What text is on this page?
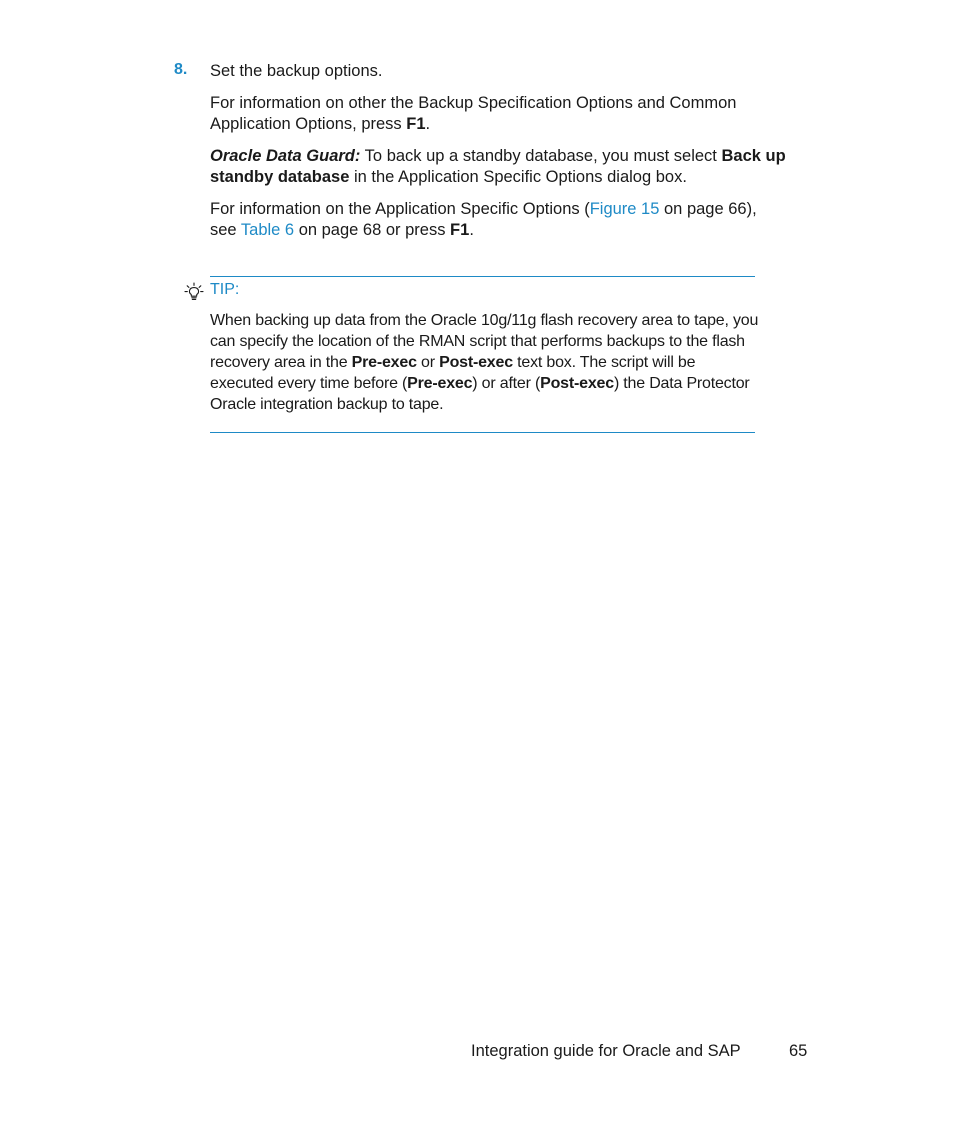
8. Set the backup options.
For information on other the Backup Specification Options and Common Application Options, press F1.
Oracle Data Guard: To back up a standby database, you must select Back up standby database in the Application Specific Options dialog box.
For information on the Application Specific Options (Figure 15 on page 66),
see Table 6 on page 68 or press F1.
TIP:
When backing up data from the Oracle 10g/11g flash recovery area to tape, you can specify the location of the RMAN script that performs backups to the flash recovery area in the Pre-exec or Post-exec text box. The script will be executed every time before (Pre-exec) or after (Post-exec) the Data Protector Oracle integration backup to tape.
Integration guide for Oracle and SAP	65
